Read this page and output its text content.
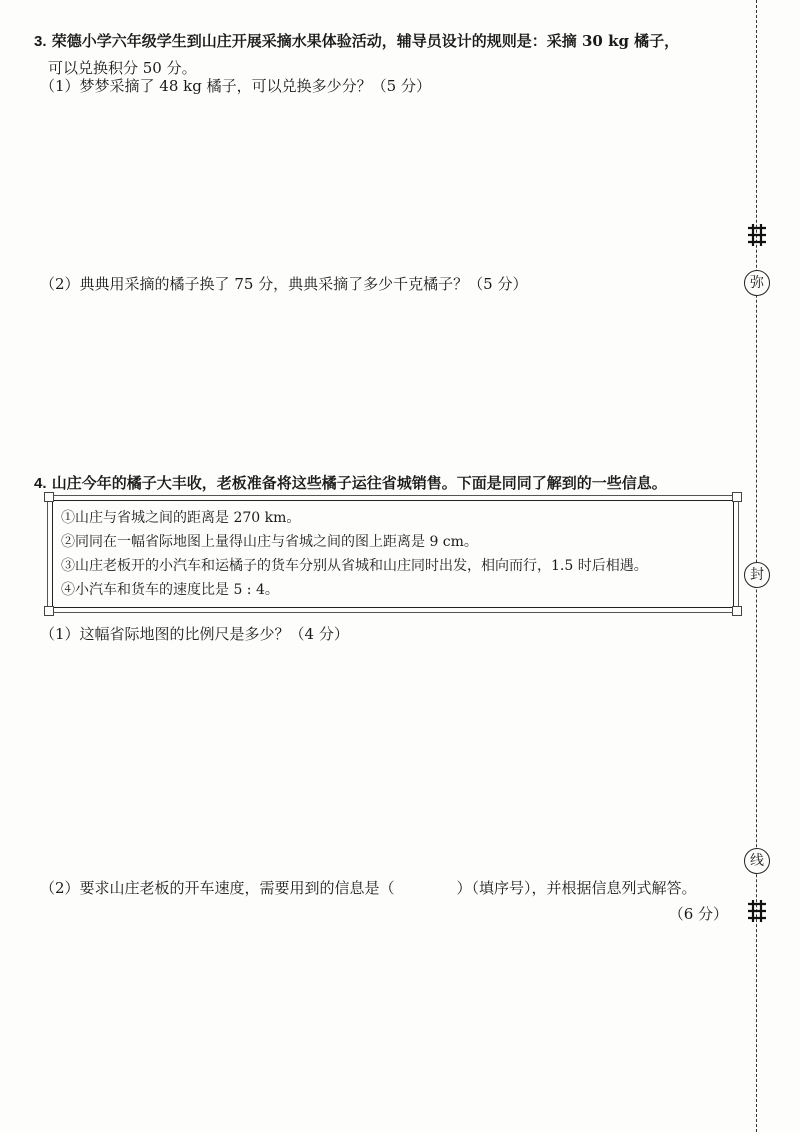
3. 荣德小学六年级学生到山庄开展采摘水果体验活动，辅导员设计的规则是：采摘 30 kg 橘子，
可以兑换积分 50 分。
（1）梦梦采摘了 48 kg 橘子，可以兑换多少分？（5 分）
（2）典典用采摘的橘子换了 75 分，典典采摘了多少千克橘子？（5 分）
4. 山庄今年的橘子大丰收，老板准备将这些橘子运往省城销售。下面是同同了解到的一些信息。
①山庄与省城之间的距离是 270 km。
②同同在一幅省际地图上量得山庄与省城之间的图上距离是 9 cm。
③山庄老板开的小汽车和运橘子的货车分别从省城和山庄同时出发，相向而行，1.5 时后相遇。
④小汽车和货车的速度比是 5 : 4。
（1）这幅省际地图的比例尺是多少？（4 分）
（2）要求山庄老板的开车速度，需要用到的信息是（	）（填序号），并根据信息列式解答。
（6 分）
弥
封
线
